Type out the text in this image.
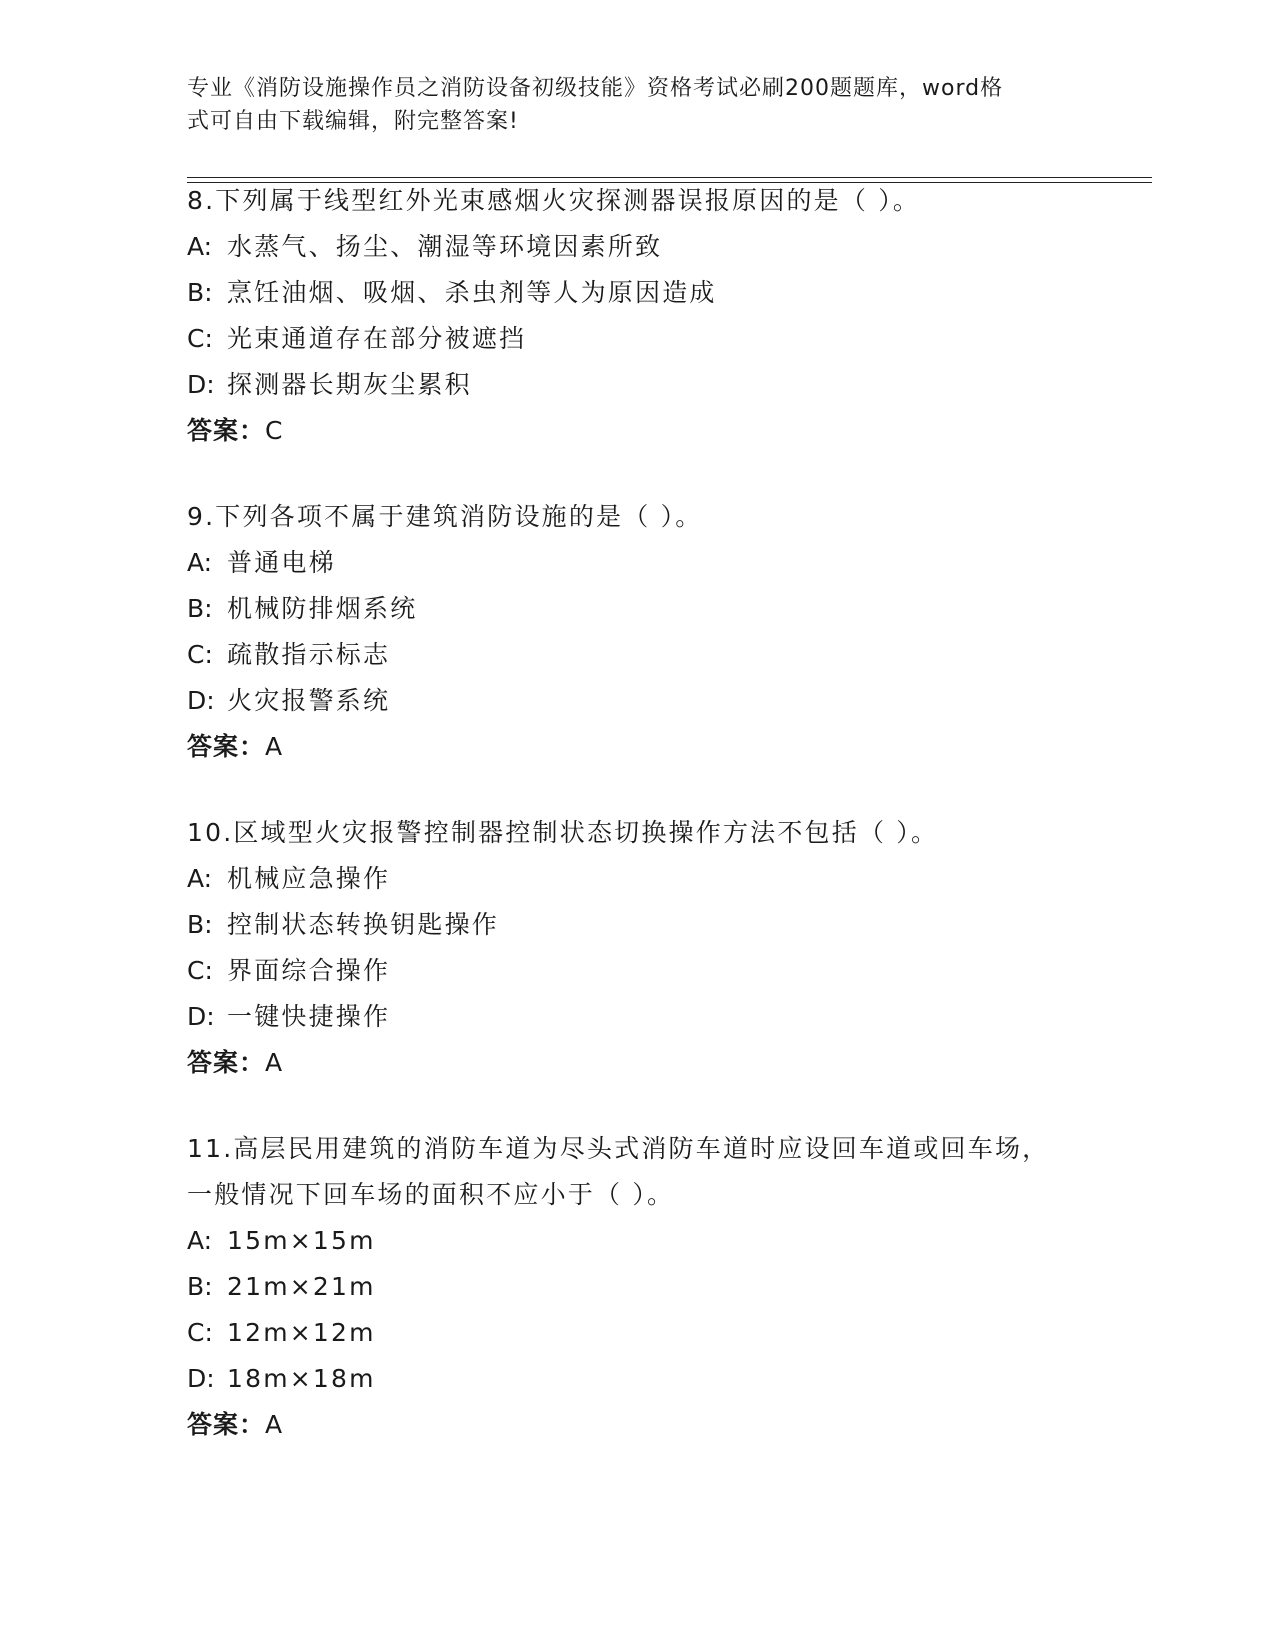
专业《消防设施操作员之消防设备初级技能》资格考试必刷200题题库，word格
式可自由下载编辑，附完整答案!

8.下列属于线型红外光束感烟火灾探测器误报原因的是（ ）。

A: 水蒸气、扬尘、潮湿等环境因素所致

B: 烹饪油烟、吸烟、杀虫剂等人为原因造成

C: 光束通道存在部分被遮挡

D: 探测器长期灰尘累积

答案：C

9.下列各项不属于建筑消防设施的是（ ）。

A: 普通电梯

B: 机械防排烟系统

C: 疏散指示标志

D: 火灾报警系统

答案：A

10.区域型火灾报警控制器控制状态切换操作方法不包括（ ）。

A: 机械应急操作

B: 控制状态转换钥匙操作

C: 界面综合操作

D: 一键快捷操作

答案：A

11.高层民用建筑的消防车道为尽头式消防车道时应设回车道或回车场，一般情况下回车场的面积不应小于（ ）。

A: 15m×15m

B: 21m×21m

C: 12m×12m

D: 18m×18m

答案：A
